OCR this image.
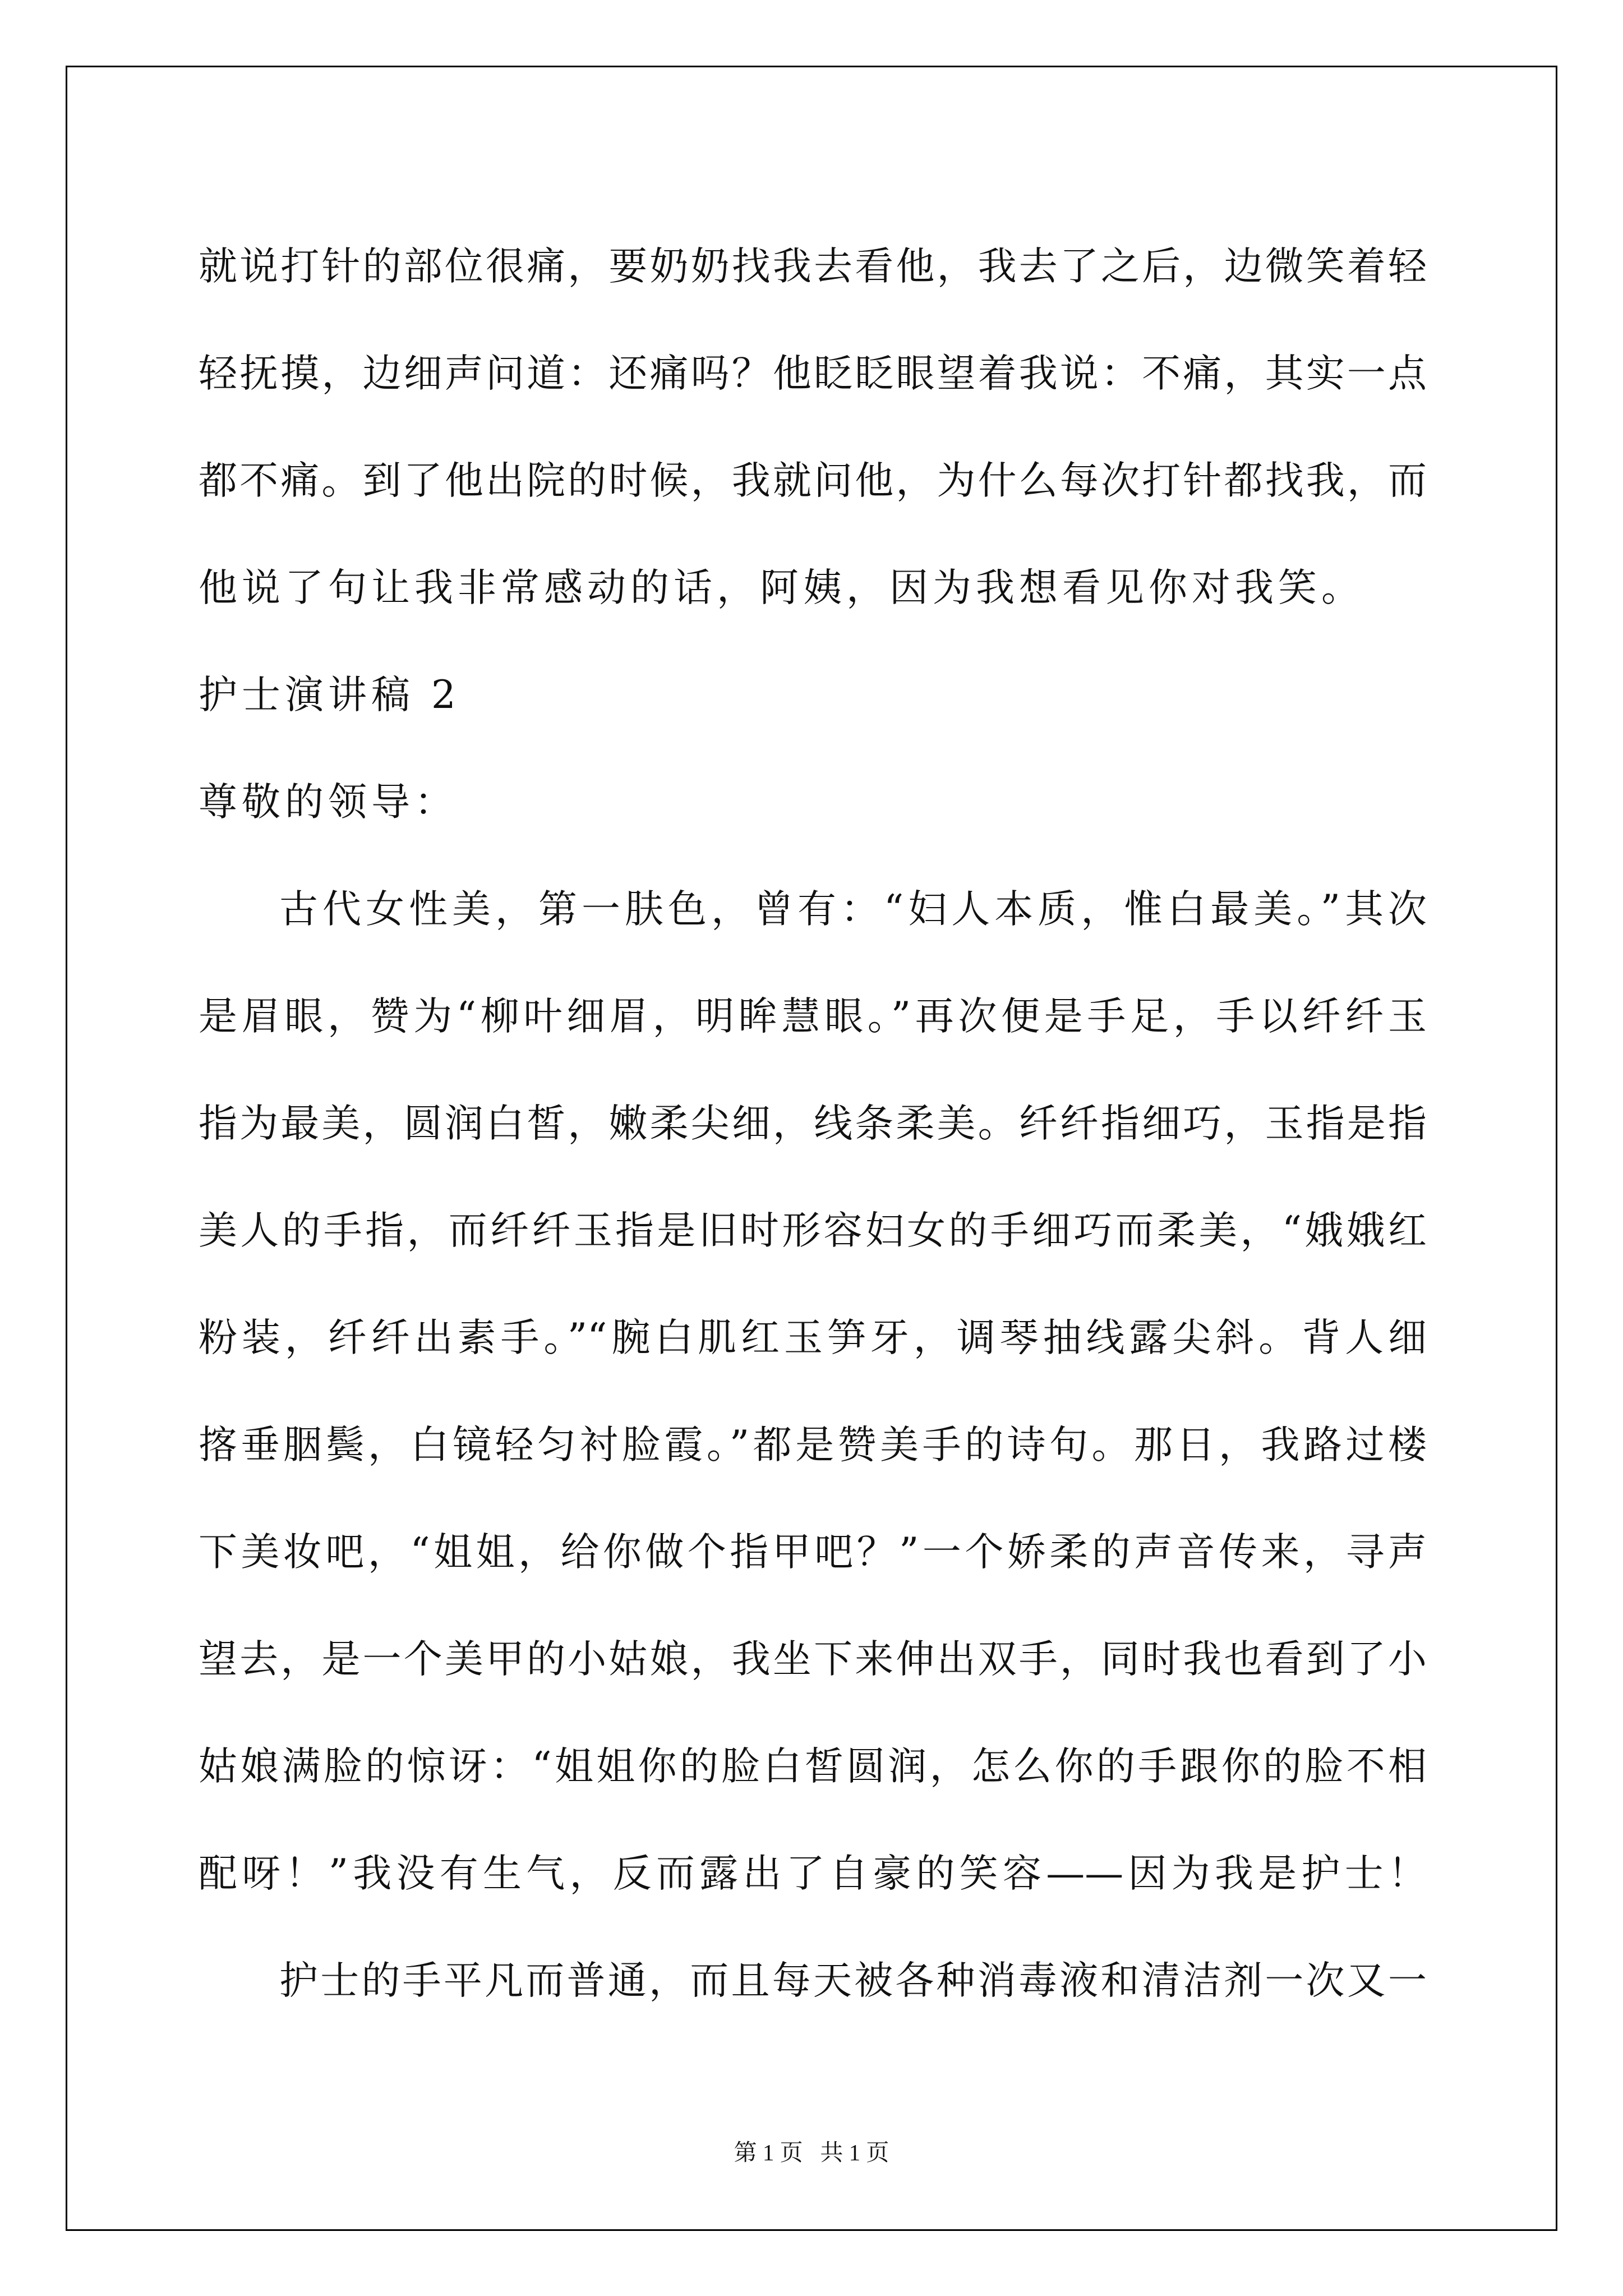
就说打针的部位很痛，要奶奶找我去看他，我去了之后，边微笑着轻
轻抚摸，边细声问道：还痛吗？他眨眨眼望着我说：不痛，其实一点
都不痛。到了他出院的时候，我就问他，为什么每次打针都找我，而
他说了句让我非常感动的话，阿姨，因为我想看见你对我笑。
护士演讲稿 2
尊敬的领导：
古代女性美，第一肤色，曾有：“妇人本质，惟白最美。”其次
是眉眼，赞为“柳叶细眉，明眸慧眼。”再次便是手足，手以纤纤玉
指为最美，圆润白皙，嫩柔尖细，线条柔美。纤纤指细巧，玉指是指
美人的手指，而纤纤玉指是旧时形容妇女的手细巧而柔美，“娥娥红
粉装，纤纤出素手。”“腕白肌红玉笋牙，调琴抽线露尖斜。背人细
揢垂胭鬓，白镜轻匀衬脸霞。”都是赞美手的诗句。那日，我路过楼
下美妆吧，“姐姐，给你做个指甲吧？”一个娇柔的声音传来，寻声
望去，是一个美甲的小姑娘，我坐下来伸出双手，同时我也看到了小
姑娘满脸的惊讶：“姐姐你的脸白皙圆润，怎么你的手跟你的脸不相
配呀！”我没有生气，反而露出了自豪的笑容——因为我是护士！
护士的手平凡而普通，而且每天被各种消毒液和清洁剂一次又一
第 1 页   共 1 页
